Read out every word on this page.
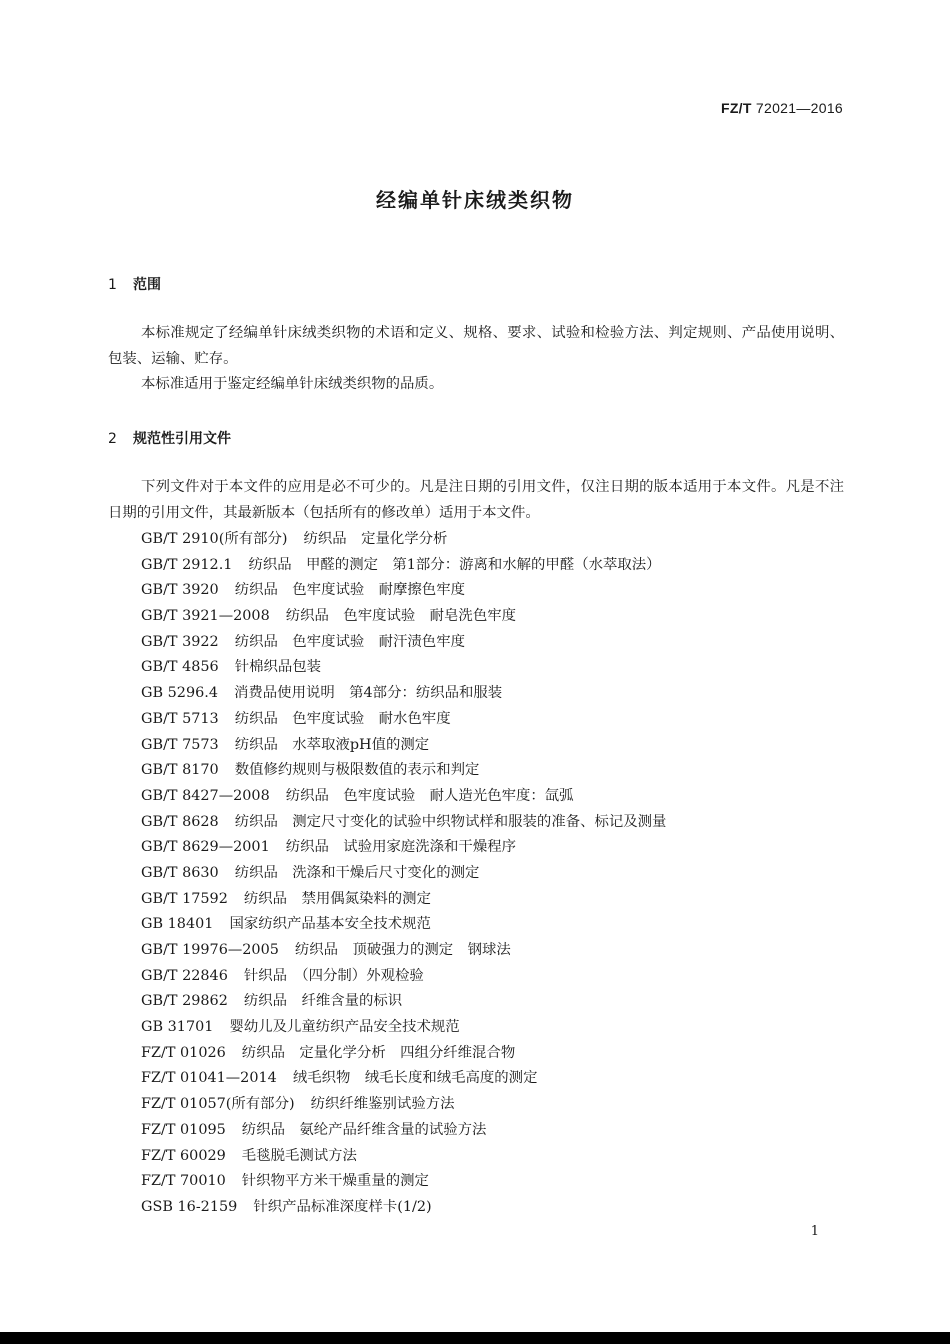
FZ/T 72021—2016
经编单针床绒类织物
1 范围

本标准规定了经编单针床绒类织物的术语和定义、规格、要求、试验和检验方法、判定规则、产品使用说明、包装、运输、贮存。

本标准适用于鉴定经编单针床绒类织物的品质。

2 规范性引用文件

下列文件对于本文件的应用是必不可少的。凡是注日期的引用文件，仅注日期的版本适用于本文件。凡是不注日期的引用文件，其最新版本（包括所有的修改单）适用于本文件。

GB/T 2910(所有部分) 纺织品　定量化学分析
GB/T 2912.1 纺织品　甲醛的测定　第1部分：游离和水解的甲醛（水萃取法）
GB/T 3920 纺织品　色牢度试验　耐摩擦色牢度
GB/T 3921—2008 纺织品　色牢度试验　耐皂洗色牢度
GB/T 3922 纺织品　色牢度试验　耐汗渍色牢度
GB/T 4856 针棉织品包装
GB 5296.4 消费品使用说明　第4部分：纺织品和服装
GB/T 5713 纺织品　色牢度试验　耐水色牢度
GB/T 7573 纺织品　水萃取液pH值的测定
GB/T 8170 数值修约规则与极限数值的表示和判定
GB/T 8427—2008 纺织品　色牢度试验　耐人造光色牢度：氙弧
GB/T 8628 纺织品　测定尺寸变化的试验中织物试样和服装的准备、标记及测量
GB/T 8629—2001 纺织品　试验用家庭洗涤和干燥程序
GB/T 8630 纺织品　洗涤和干燥后尺寸变化的测定
GB/T 17592 纺织品　禁用偶氮染料的测定
GB 18401 国家纺织产品基本安全技术规范
GB/T 19976—2005 纺织品　顶破强力的测定　钢球法
GB/T 22846 针织品　（四分制）外观检验
GB/T 29862 纺织品　纤维含量的标识
GB 31701 婴幼儿及儿童纺织产品安全技术规范
FZ/T 01026 纺织品　定量化学分析　四组分纤维混合物
FZ/T 01041—2014 绒毛织物　绒毛长度和绒毛高度的测定
FZ/T 01057(所有部分) 纺织纤维鉴别试验方法
FZ/T 01095 纺织品　氨纶产品纤维含量的试验方法
FZ/T 60029 毛毯脱毛测试方法
FZ/T 70010 针织物平方米干燥重量的测定
GSB 16-2159 针织产品标准深度样卡(1/2)
1
